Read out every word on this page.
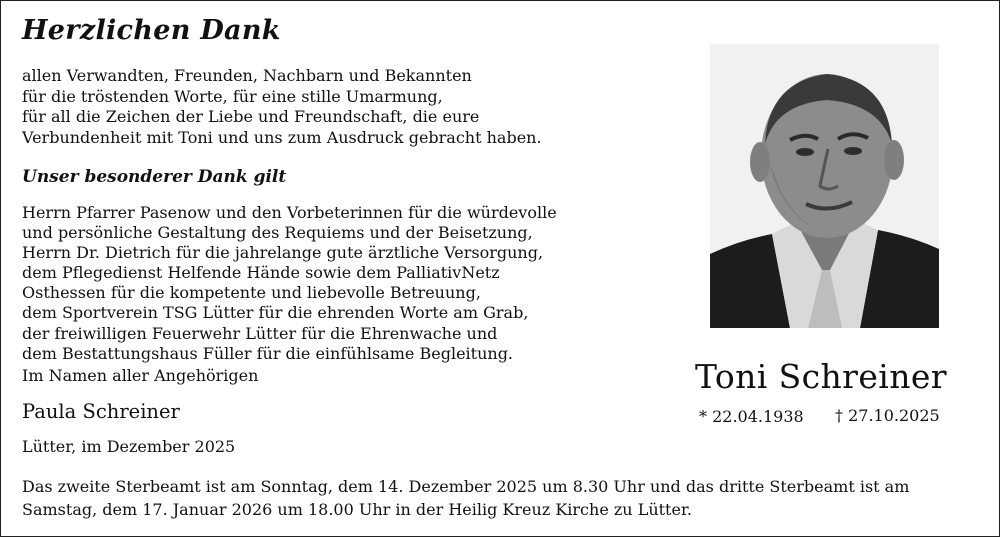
Herzlichen Dank
allen Verwandten, Freunden, Nachbarn und Bekannten
für die tröstenden Worte, für eine stille Umarmung,
für all die Zeichen der Liebe und Freundschaft, die eure
Verbundenheit mit Toni und uns zum Ausdruck gebracht haben.
Unser besonderer Dank gilt
Herrn Pfarrer Pasenow und den Vorbeterinnen für die würdevolle
und persönliche Gestaltung des Requiems und der Beisetzung,
Herrn Dr. Dietrich für die jahrelange gute ärztliche Versorgung,
dem Pflegedienst Helfende Hände sowie dem PalliativNetz
Osthessen für die kompetente und liebevolle Betreuung,
dem Sportverein TSG Lütter für die ehrenden Worte am Grab,
der freiwilligen Feuerwehr Lütter für die Ehrenwache und
dem Bestattungshaus Füller für die einfühlsame Begleitung.
Im Namen aller Angehörigen
Paula Schreiner
Lütter, im Dezember 2025
Das zweite Sterbeamt ist am Sonntag, dem 14. Dezember 2025 um 8.30 Uhr und das dritte Sterbeamt ist am
Samstag, dem 17. Januar 2026 um 18.00 Uhr in der Heilig Kreuz Kirche zu Lütter.
Toni Schreiner
* 22.04.1938 † 27.10.2025
